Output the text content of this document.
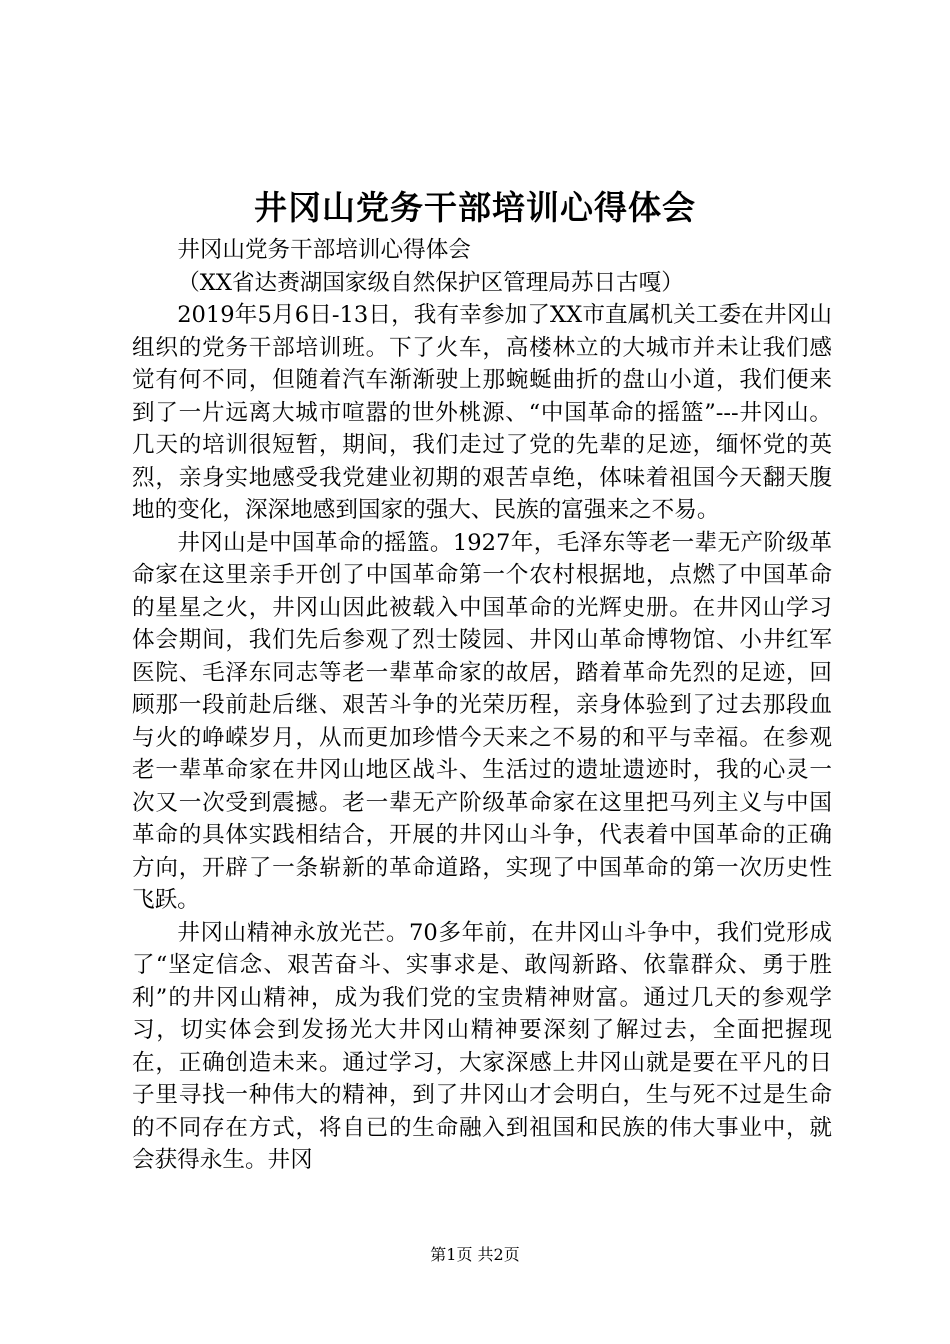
井冈山党务干部培训心得体会

井冈山党务干部培训心得体会

（XX省达赉湖国家级自然保护区管理局苏日古嘎）

2019年5月6日-13日，我有幸参加了XX市直属机关工委在井冈山组织的党务干部培训班。下了火车，高楼林立的大城市并未让我们感觉有何不同，但随着汽车渐渐驶上那蜿蜒曲折的盘山小道，我们便来到了一片远离大城市喧嚣的世外桃源、“中国革命的摇篮”---井冈山。几天的培训很短暂，期间，我们走过了党的先辈的足迹，缅怀党的英烈，亲身实地感受我党建业初期的艰苦卓绝，体味着祖国今天翻天腹地的变化，深深地感到国家的强大、民族的富强来之不易。

井冈山是中国革命的摇篮。1927年，毛泽东等老一辈无产阶级革命家在这里亲手开创了中国革命第一个农村根据地，点燃了中国革命的星星之火，井冈山因此被载入中国革命的光辉史册。在井冈山学习体会期间，我们先后参观了烈士陵园、井冈山革命博物馆、小井红军医院、毛泽东同志等老一辈革命家的故居，踏着革命先烈的足迹，回顾那一段前赴后继、艰苦斗争的光荣历程，亲身体验到了过去那段血与火的峥嵘岁月，从而更加珍惜今天来之不易的和平与幸福。在参观老一辈革命家在井冈山地区战斗、生活过的遗址遗迹时，我的心灵一次又一次受到震撼。老一辈无产阶级革命家在这里把马列主义与中国革命的具体实践相结合，开展的井冈山斗争，代表着中国革命的正确方向，开辟了一条崭新的革命道路，实现了中国革命的第一次历史性飞跃。

井冈山精神永放光芒。70多年前，在井冈山斗争中，我们党形成了“坚定信念、艰苦奋斗、实事求是、敢闯新路、依靠群众、勇于胜利”的井冈山精神，成为我们党的宝贵精神财富。通过几天的参观学习，切实体会到发扬光大井冈山精神要深刻了解过去，全面把握现在，正确创造未来。通过学习，大家深感上井冈山就是要在平凡的日子里寻找一种伟大的精神，到了井冈山才会明白，生与死不过是生命的不同存在方式，将自已的生命融入到祖国和民族的伟大事业中，就会获得永生。井冈

第1页 共2页
